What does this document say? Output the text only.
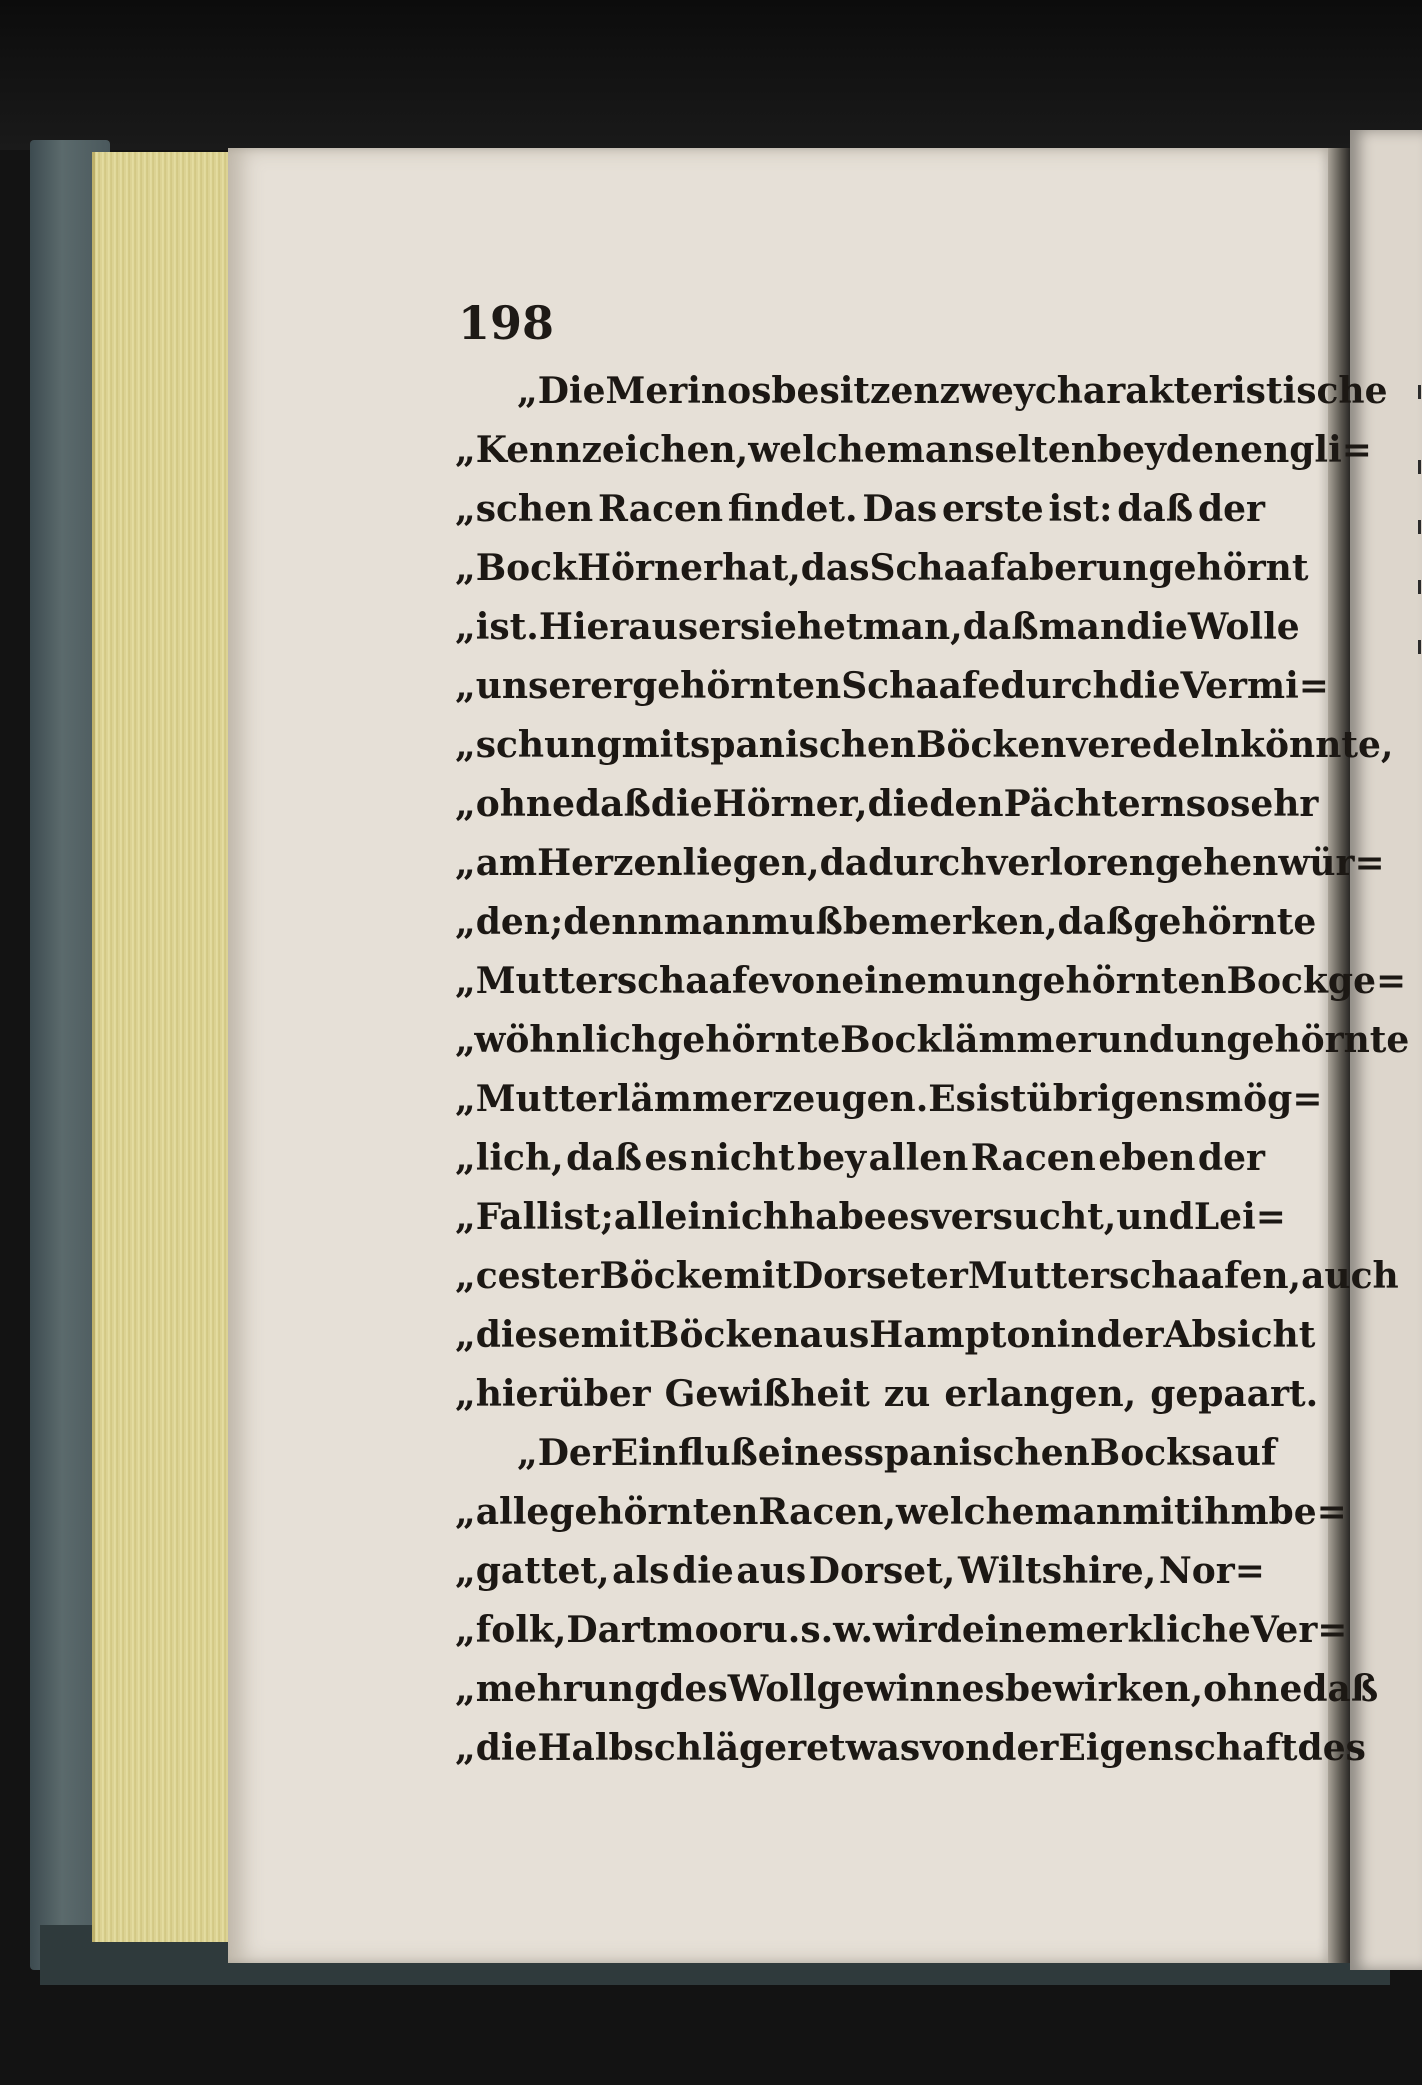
198
„Die Merinos besitzen zwey charakteristische
„Kennzeichen, welche man selten bey den engli=
„schen Racen findet. Das erste ist: daß der
„Bock Hörner hat, das Schaaf aber ungehörnt
„ist. Hieraus ersiehet man, daß man die Wolle
„unserer gehörnten Schaafe durch die Vermi=
„schung mit spanischen Böcken veredeln könnte,
„ohne daß die Hörner, die den Pächtern so sehr
„am Herzen liegen, dadurch verloren gehen wür=
„den; denn man muß bemerken, daß gehörnte
„Mutterschaafe von einem ungehörnten Bock ge=
„wöhnlich gehörnte Bocklämmer und ungehörnte
„Mutterlämmer zeugen. Es ist übrigens mög=
„lich, daß es nicht bey allen Racen eben der
„Fall ist; allein ich habe es versucht, und Lei=
„cester Böcke mit Dorseter Mutterschaafen, auch
„diese mit Böcken aus Hampton in der Absicht
„hierüber Gewißheit zu erlangen, gepaart.
„Der Einfluß eines spanischen Bocks auf
„alle gehörnten Racen, welche man mit ihm be=
„gattet, als die aus Dorset, Wiltshire, Nor=
„folk, Dartmoor u. s. w. wird eine merkliche Ver=
„mehrung des Wollgewinnes bewirken, ohne daß
„die Halbschläger etwas von der Eigenschaft des
